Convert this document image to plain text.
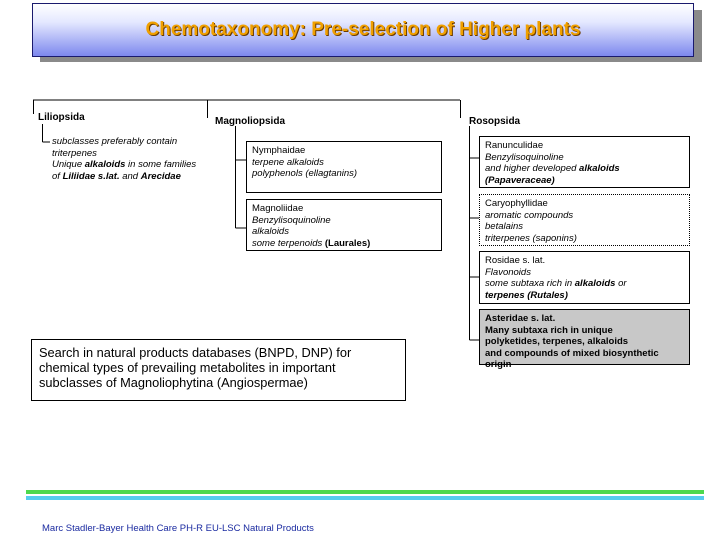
Chemotaxonomy: Pre-selection of Higher plants
Liliopsida
subclasses preferably contain
triterpenes
Unique alkaloids in some families
of Liliidae s.lat. and Arecidae
Magnoliopsida
Nymphaidae
terpene alkaloids
polyphenols (ellagtanins)
Magnoliidae
Benzylisoquinoline
alkaloids
some terpenoids (Laurales)
Rosopsida
Ranunculidae
Benzylisoquinoline
and higher developed alkaloids
(Papaveraceae)
Caryophyllidae
aromatic compounds
betalains
triterpenes (saponins)
Rosidae s. lat.
Flavonoids
some subtaxa rich in alkaloids or
terpenes (Rutales)
Asteridae s. lat.
Many subtaxa rich in unique
polyketides, terpenes, alkaloids
and compounds of mixed biosynthetic origin
Search in natural products databases (BNPD, DNP) for chemical types of prevailing metabolites in important subclasses of Magnoliophytina (Angiospermae)
Marc Stadler-Bayer Health Care PH-R EU-LSC Natural Products
